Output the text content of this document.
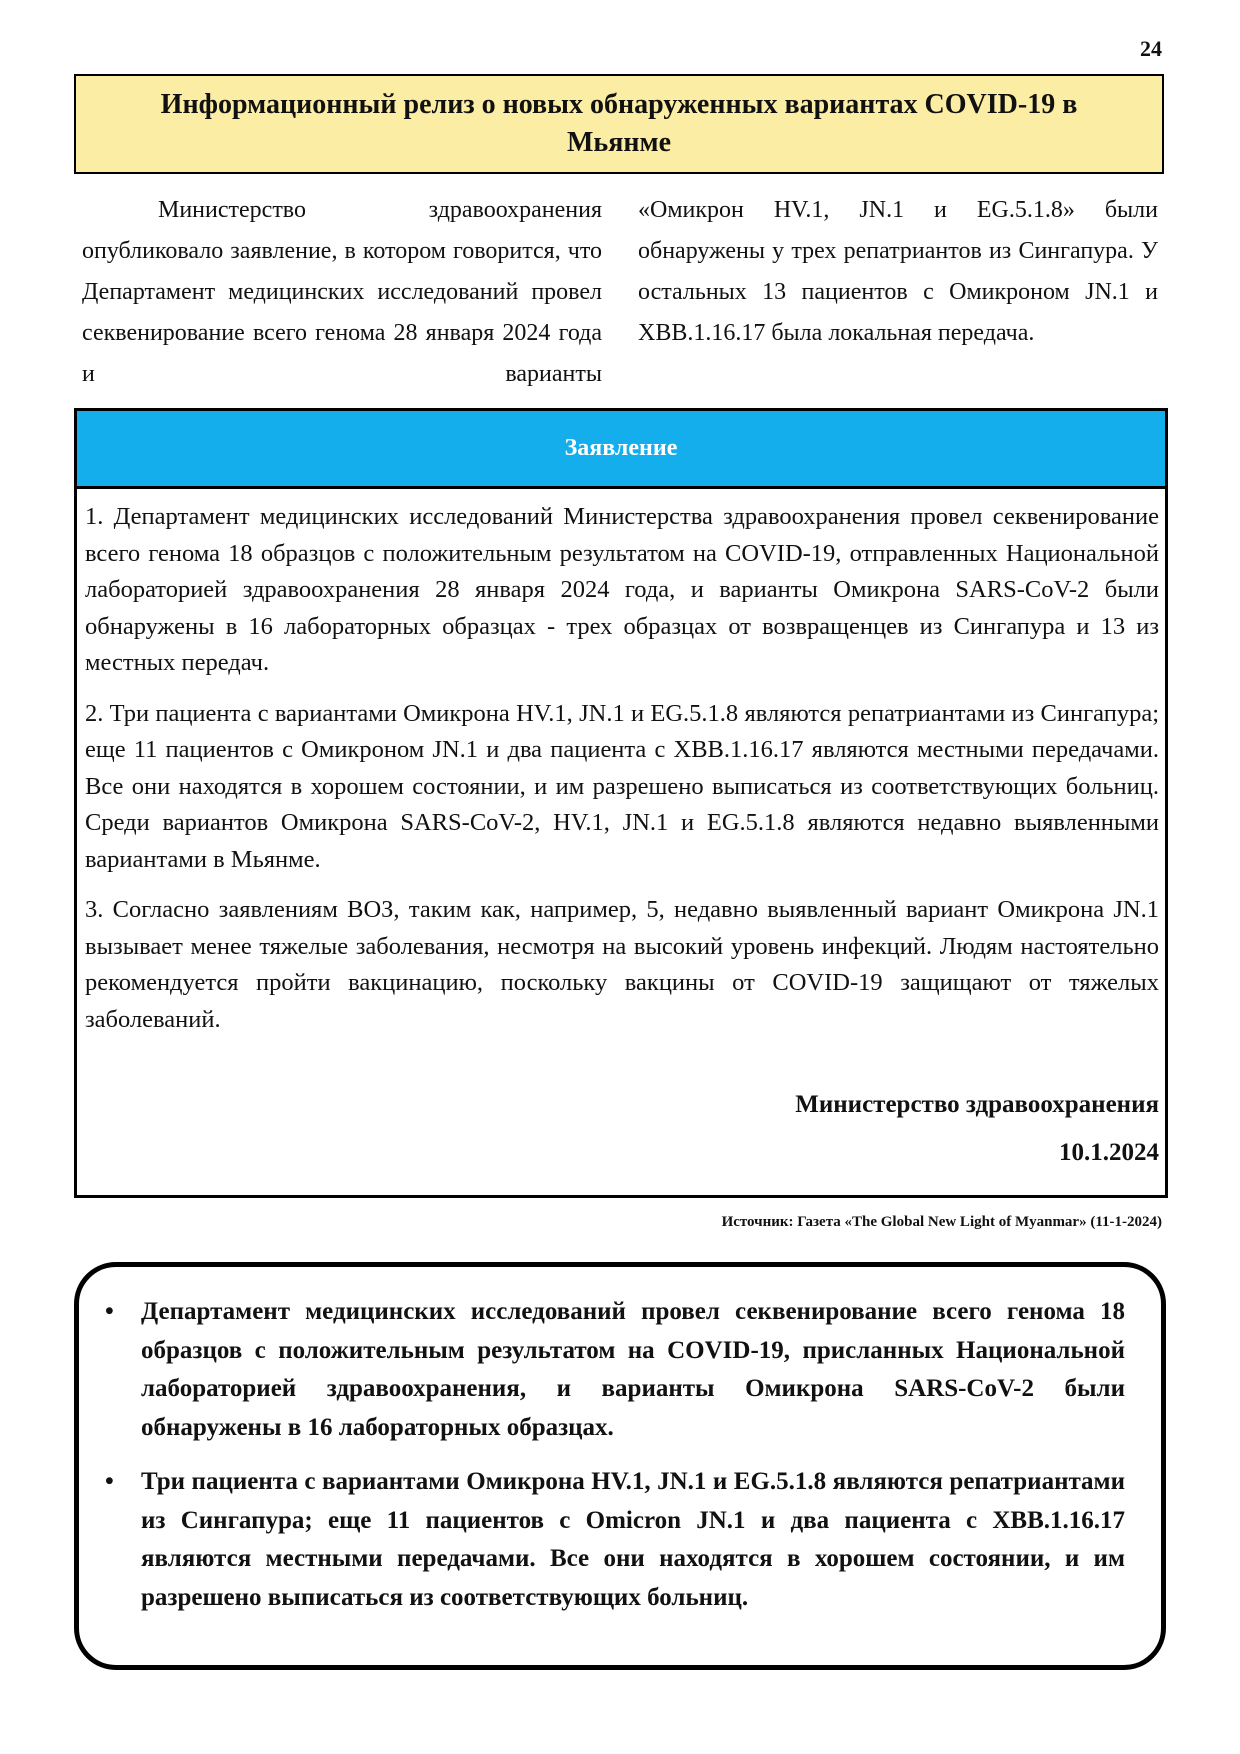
24
Информационный релиз о новых обнаруженных вариантах COVID-19 в Мьянме

Министерство здравоохранения опубликовало заявление, в котором говорится, что Департамент медицинских исследований провел секвенирование всего генома 28 января 2024 года и варианты

«Омикрон HV.1, JN.1 и EG.5.1.8» были обнаружены у трех репатриантов из Сингапура. У остальных 13 пациентов с Омикроном JN.1 и XBB.1.16.17 была локальная передача.

Заявление

1. Департамент медицинских исследований Министерства здравоохранения провел секвенирование всего генома 18 образцов с положительным результатом на COVID-19, отправленных Национальной лабораторией здравоохранения 28 января 2024 года, и варианты Омикрона SARS-CoV-2 были обнаружены в 16 лабораторных образцах - трех образцах от возвращенцев из Сингапура и 13 из местных передач.

2. Три пациента с вариантами Омикрона HV.1, JN.1 и EG.5.1.8 являются репатриантами из Сингапура; еще 11 пациентов с Омикроном JN.1 и два пациента с XBB.1.16.17 являются местными передачами. Все они находятся в хорошем состоянии, и им разрешено выписаться из соответствующих больниц. Среди вариантов Омикрона SARS-CoV-2, HV.1, JN.1 и EG.5.1.8 являются недавно выявленными вариантами в Мьянме.

3. Согласно заявлениям ВОЗ, таким как, например, 5, недавно выявленный вариант Омикрона JN.1 вызывает менее тяжелые заболевания, несмотря на высокий уровень инфекций. Людям настоятельно рекомендуется пройти вакцинацию, поскольку вакцины от COVID-19 защищают от тяжелых заболеваний.

Министерство здравоохранения
10.1.2024
Источник: Газета «The Global New Light of Myanmar» (11-1-2024)
• Департамент медицинских исследований провел секвенирование всего генома 18 образцов с положительным результатом на COVID-19, присланных Национальной лабораторией здравоохранения, и варианты Омикрона SARS-CoV-2 были обнаружены в 16 лабораторных образцах.
• Три пациента с вариантами Омикрона HV.1, JN.1 и EG.5.1.8 являются репатриантами из Сингапура; еще 11 пациентов с Omicron JN.1 и два пациента с XBB.1.16.17 являются местными передачами. Все они находятся в хорошем состоянии, и им разрешено выписаться из соответствующих больниц.
